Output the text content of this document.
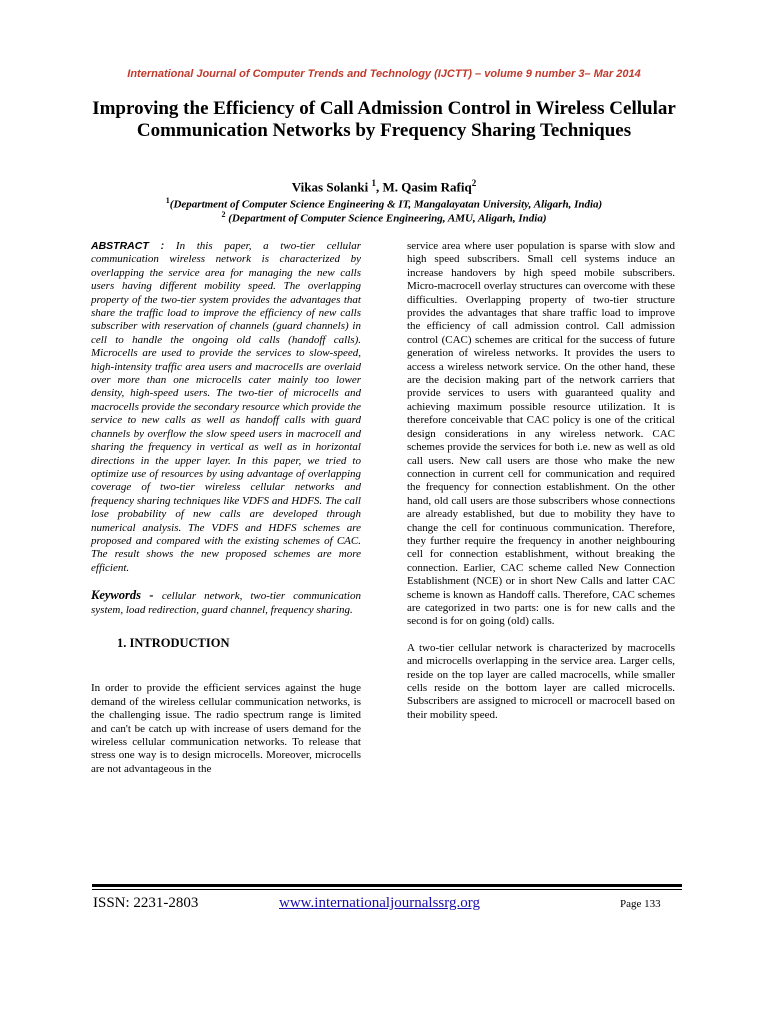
International Journal of Computer Trends and Technology (IJCTT) – volume 9 number 3– Mar 2014
Improving the Efficiency of Call Admission Control in Wireless Cellular Communication Networks by Frequency Sharing Techniques
Vikas Solanki $^1$, M. Qasim Rafiq$^2$
$^1$(Department of Computer Science Engineering & IT, Mangalayatan University, Aligarh, India)
$^2$ (Department of Computer Science Engineering, AMU, Aligarh, India)
ABSTRACT : In this paper, a two-tier cellular communication wireless network is characterized by overlapping the service area for managing the new calls users having different mobility speed. The overlapping property of the two-tier system provides the advantages that share the traffic load to improve the efficiency of new calls subscriber with reservation of channels (guard channels) in cell to handle the ongoing old calls (handoff calls). Microcells are used to provide the services to slow-speed, high-intensity traffic area users and macrocells are overlaid over more than one microcells cater mainly too lower density, high-speed users. The two-tier of microcells and macrocells provide the secondary resource which provide the service to new calls as well as handoff calls with guard channels by overflow the slow speed users in macrocell and sharing the frequency in vertical as well as in horizontal directions in the upper layer. In this paper, we tried to optimize use of resources by using advantage of overlapping coverage of two-tier wireless cellular networks and frequency sharing techniques like VDFS and HDFS. The call lose probability of new calls are developed through numerical analysis. The VDFS and HDFS schemes are proposed and compared with the existing schemes of CAC. The result shows the new proposed schemes are more efficient.
Keywords - cellular network, two-tier communication system, load redirection, guard channel, frequency sharing.
1. INTRODUCTION

In order to provide the efficient services against the huge demand of the wireless cellular communication networks, is the challenging issue. The radio spectrum range is limited and can't be catch up with increase of users demand for the wireless cellular communication networks. To release that stress one way is to design microcells. Moreover, microcells are not advantageous in the

service area where user population is sparse with slow and high speed subscribers. Small cell systems induce an increase handovers by high speed mobile subscribers. Micro-macrocell overlay structures can overcome with these difficulties. Overlapping property of two-tier structure provides the advantages that share traffic load to improve the efficiency of call admission control. Call admission control (CAC) schemes are critical for the success of future generation of wireless networks. It provides the users to access a wireless network service. On the other hand, these are the decision making part of the network carriers that provide services to users with guaranteed quality and achieving maximum possible resource utilization. It is therefore conceivable that CAC policy is one of the critical design considerations in any wireless network. CAC schemes provide the services for both i.e. new as well as old call users. New call users are those who make the new connection in current cell for communication and required the frequency for connection establishment. On the other hand, old call users are those subscribers whose connections are already established, but due to mobility they have to change the cell for continuous communication. Therefore, they further require the frequency in another neighbouring cell for connection establishment, without breaking the connection. Earlier, CAC scheme called New Connection Establishment (NCE) or in short New Calls and latter CAC scheme is known as Handoff calls. Therefore, CAC schemes are categorized in two parts: one is for new calls and the second is for on going (old) calls.

A two-tier cellular network is characterized by macrocells and microcells overlapping in the service area. Larger cells, reside on the top layer are called macrocells, while smaller cells reside on the bottom layer are called microcells. Subscribers are assigned to microcell or macrocell based on their mobility speed.

ISSN: 2231-2803	www.internationaljournalssrg.org	Page 133
